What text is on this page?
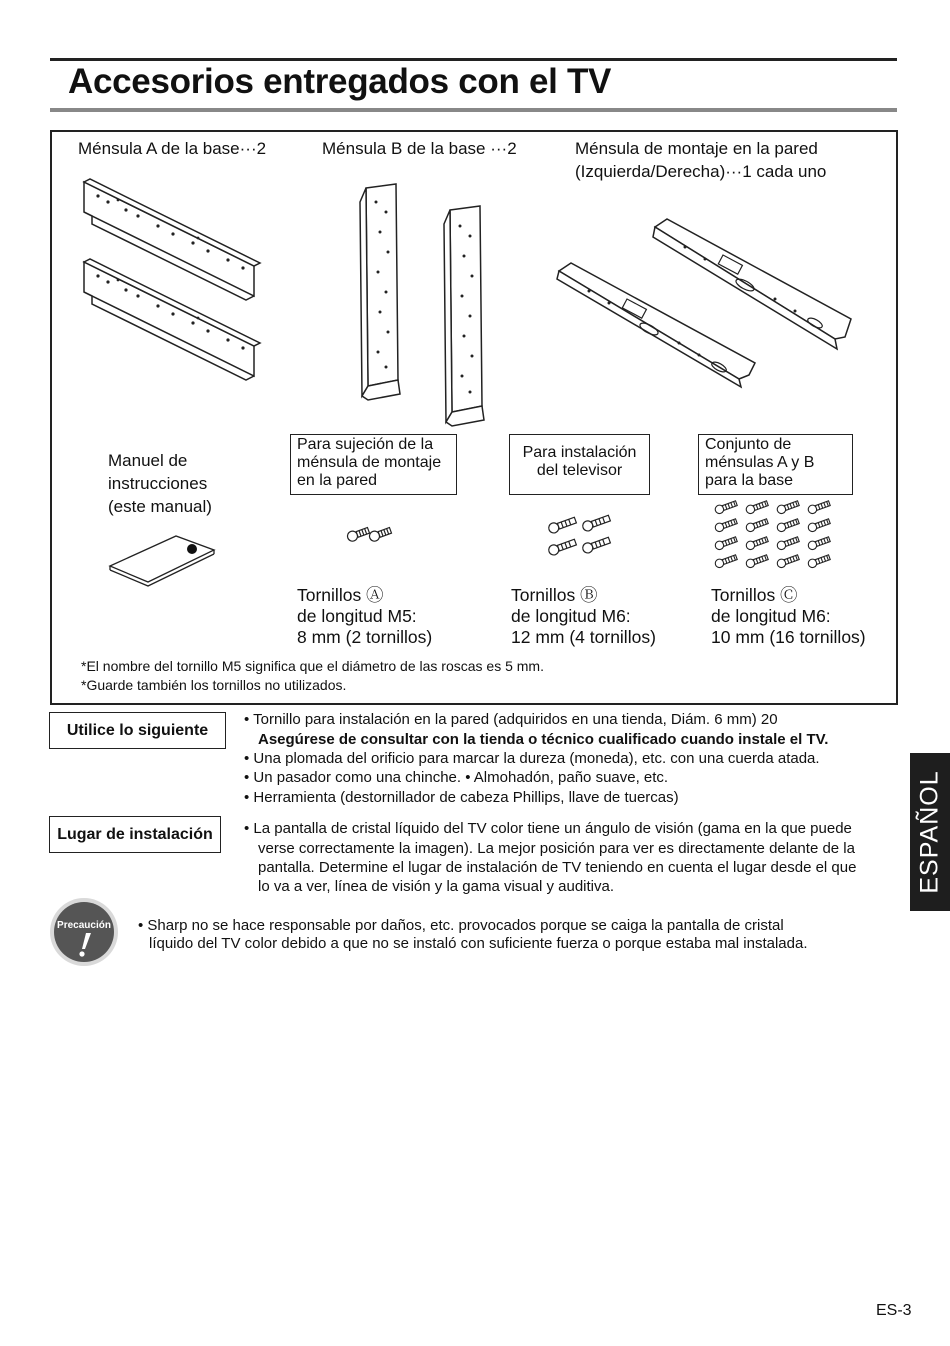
Accesorios entregados con el TV
Ménsula A de la base···2	Ménsula B de la base ···2	Ménsula de montaje en la pared
(Izquierda/Derecha)···1 cada uno
Para sujeción de la
ménsula de montaje
en la pared
Para instalación
del televisor
Conjunto de
ménsulas A y B
para la base
Manuel de
instrucciones
(este manual)
Tornillos Ⓐ
de longitud M5:
8 mm (2 tornillos)
Tornillos Ⓑ
de longitud M6:
12 mm (4 tornillos)
Tornillos Ⓒ
de longitud M6:
10 mm (16 tornillos)
*El nombre del tornillo M5 significa que el diámetro de las roscas es 5 mm.
*Guarde también los tornillos no utilizados.
Utilice lo siguiente
• Tornillo para instalación en la pared (adquiridos en una tienda, Diám. 6 mm) 20
Asegúrese de consultar con la tienda o técnico cualificado cuando instale el TV.
• Una plomada del orificio para marcar la dureza (moneda), etc. con una cuerda atada.
• Un pasador como una chinche. • Almohadón, paño suave, etc.
• Herramienta (destornillador de cabeza Phillips, llave de tuercas)
Lugar de instalación	• La pantalla de cristal líquido del TV color tiene un ángulo de visión (gama en la que puede
verse correctamente la imagen). La mejor posición para ver es directamente delante de la
pantalla. Determine el lugar de instalación de TV teniendo en cuenta el lugar desde el que
lo va a ver, línea de visión y la gama visual y auditiva.
Precaución • Sharp no se hace responsable por daños, etc. provocados porque se caiga la pantalla de cristal
líquido del TV color debido a que no se instaló con suficiente fuerza o porque estaba mal instalada.
ESPAÑOL
ES-3
